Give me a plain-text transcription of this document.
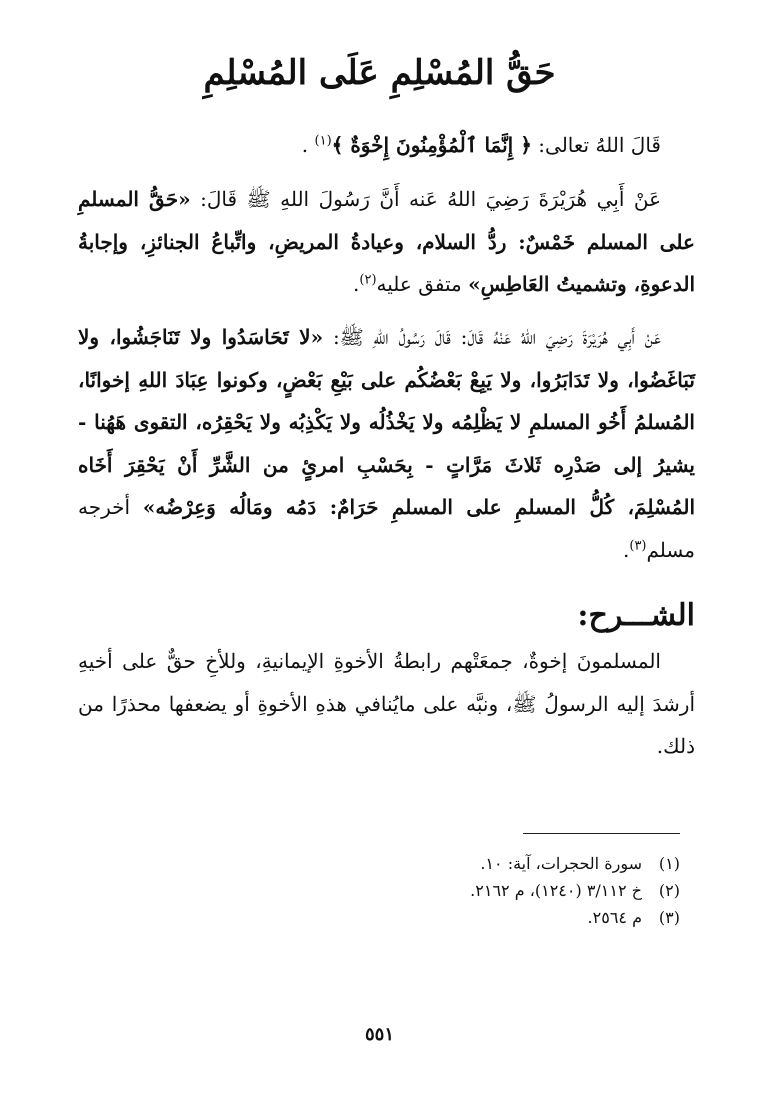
حَقُّ المُسْلِمِ عَلَى المُسْلِمِ

قَالَ اللهُ تعالى: ﴿ إِنَّمَا ٱلْمُؤْمِنُونَ إِخْوَةٌ ﴾$^{(١)}$ .

عَنْ أَبِي هُرَيْرَةَ رَضِيَ اللهُ عَنه أَنَّ رَسُولَ اللهِ ﷺ قَالَ: «حَقُّ المسلمِ على المسلم خَمْسٌ: ردُّ السلام، وعيادةُ المريضِ، واتِّباعُ الجنائزِ، وإجابةُ الدعوةِ، وتشميتُ العَاطِسِ» متفق عليه$^{(٢)}$.

عَنْ أَبِي هُرَيْرَةَ رَضِيَ اللهُ عَنْهُ قَالَ: قَالَ رَسُولُ اللهِ ﷺ: «لا تَحَاسَدُوا ولا تَنَاجَشُوا، ولا تَبَاغَضُوا، ولا تَدَابَرُوا، ولا يَبِعْ بَعْضُكُم على بَيْعِ بَعْضٍ، وكونوا عِبَادَ اللهِ إخوانًا، المُسلمُ أَخُو المسلمِ لا يَظْلِمُه ولا يَخْذُلُه ولا يَكْذِبُه ولا يَحْقِرُه، التقوى هَهُنا - يشيرُ إلى صَدْرِه ثَلاثَ مَرَّاتٍ - بِحَسْبِ امرئٍ من الشَّرِّ أَنْ يَحْقِرَ أَخَاه المُسْلِمَ، كُلُّ المسلمِ على المسلمِ حَرَامٌ: دَمُه ومَالُه وَعِرْضُه» أخرجه مسلم$^{(٣)}$.

الشـــرح:

المسلمونَ إخوةٌ، جمعَتْهم رابطةُ الأخوةِ الإيمانيةِ، وللأخِ حقٌّ على أخيهِ أرشدَ إليه الرسولُ ﷺ، ونبَّه على مايُنافي هذهِ الأخوةِ أو يضعفها محذرًا من ذلك.

(١)سورة الحجرات، آية: ١٠.
(٢)خ ٣/١١٢ (١٢٤٠)، م ٢١٦٢.
(٣)م ٢٥٦٤.
٥٥١
